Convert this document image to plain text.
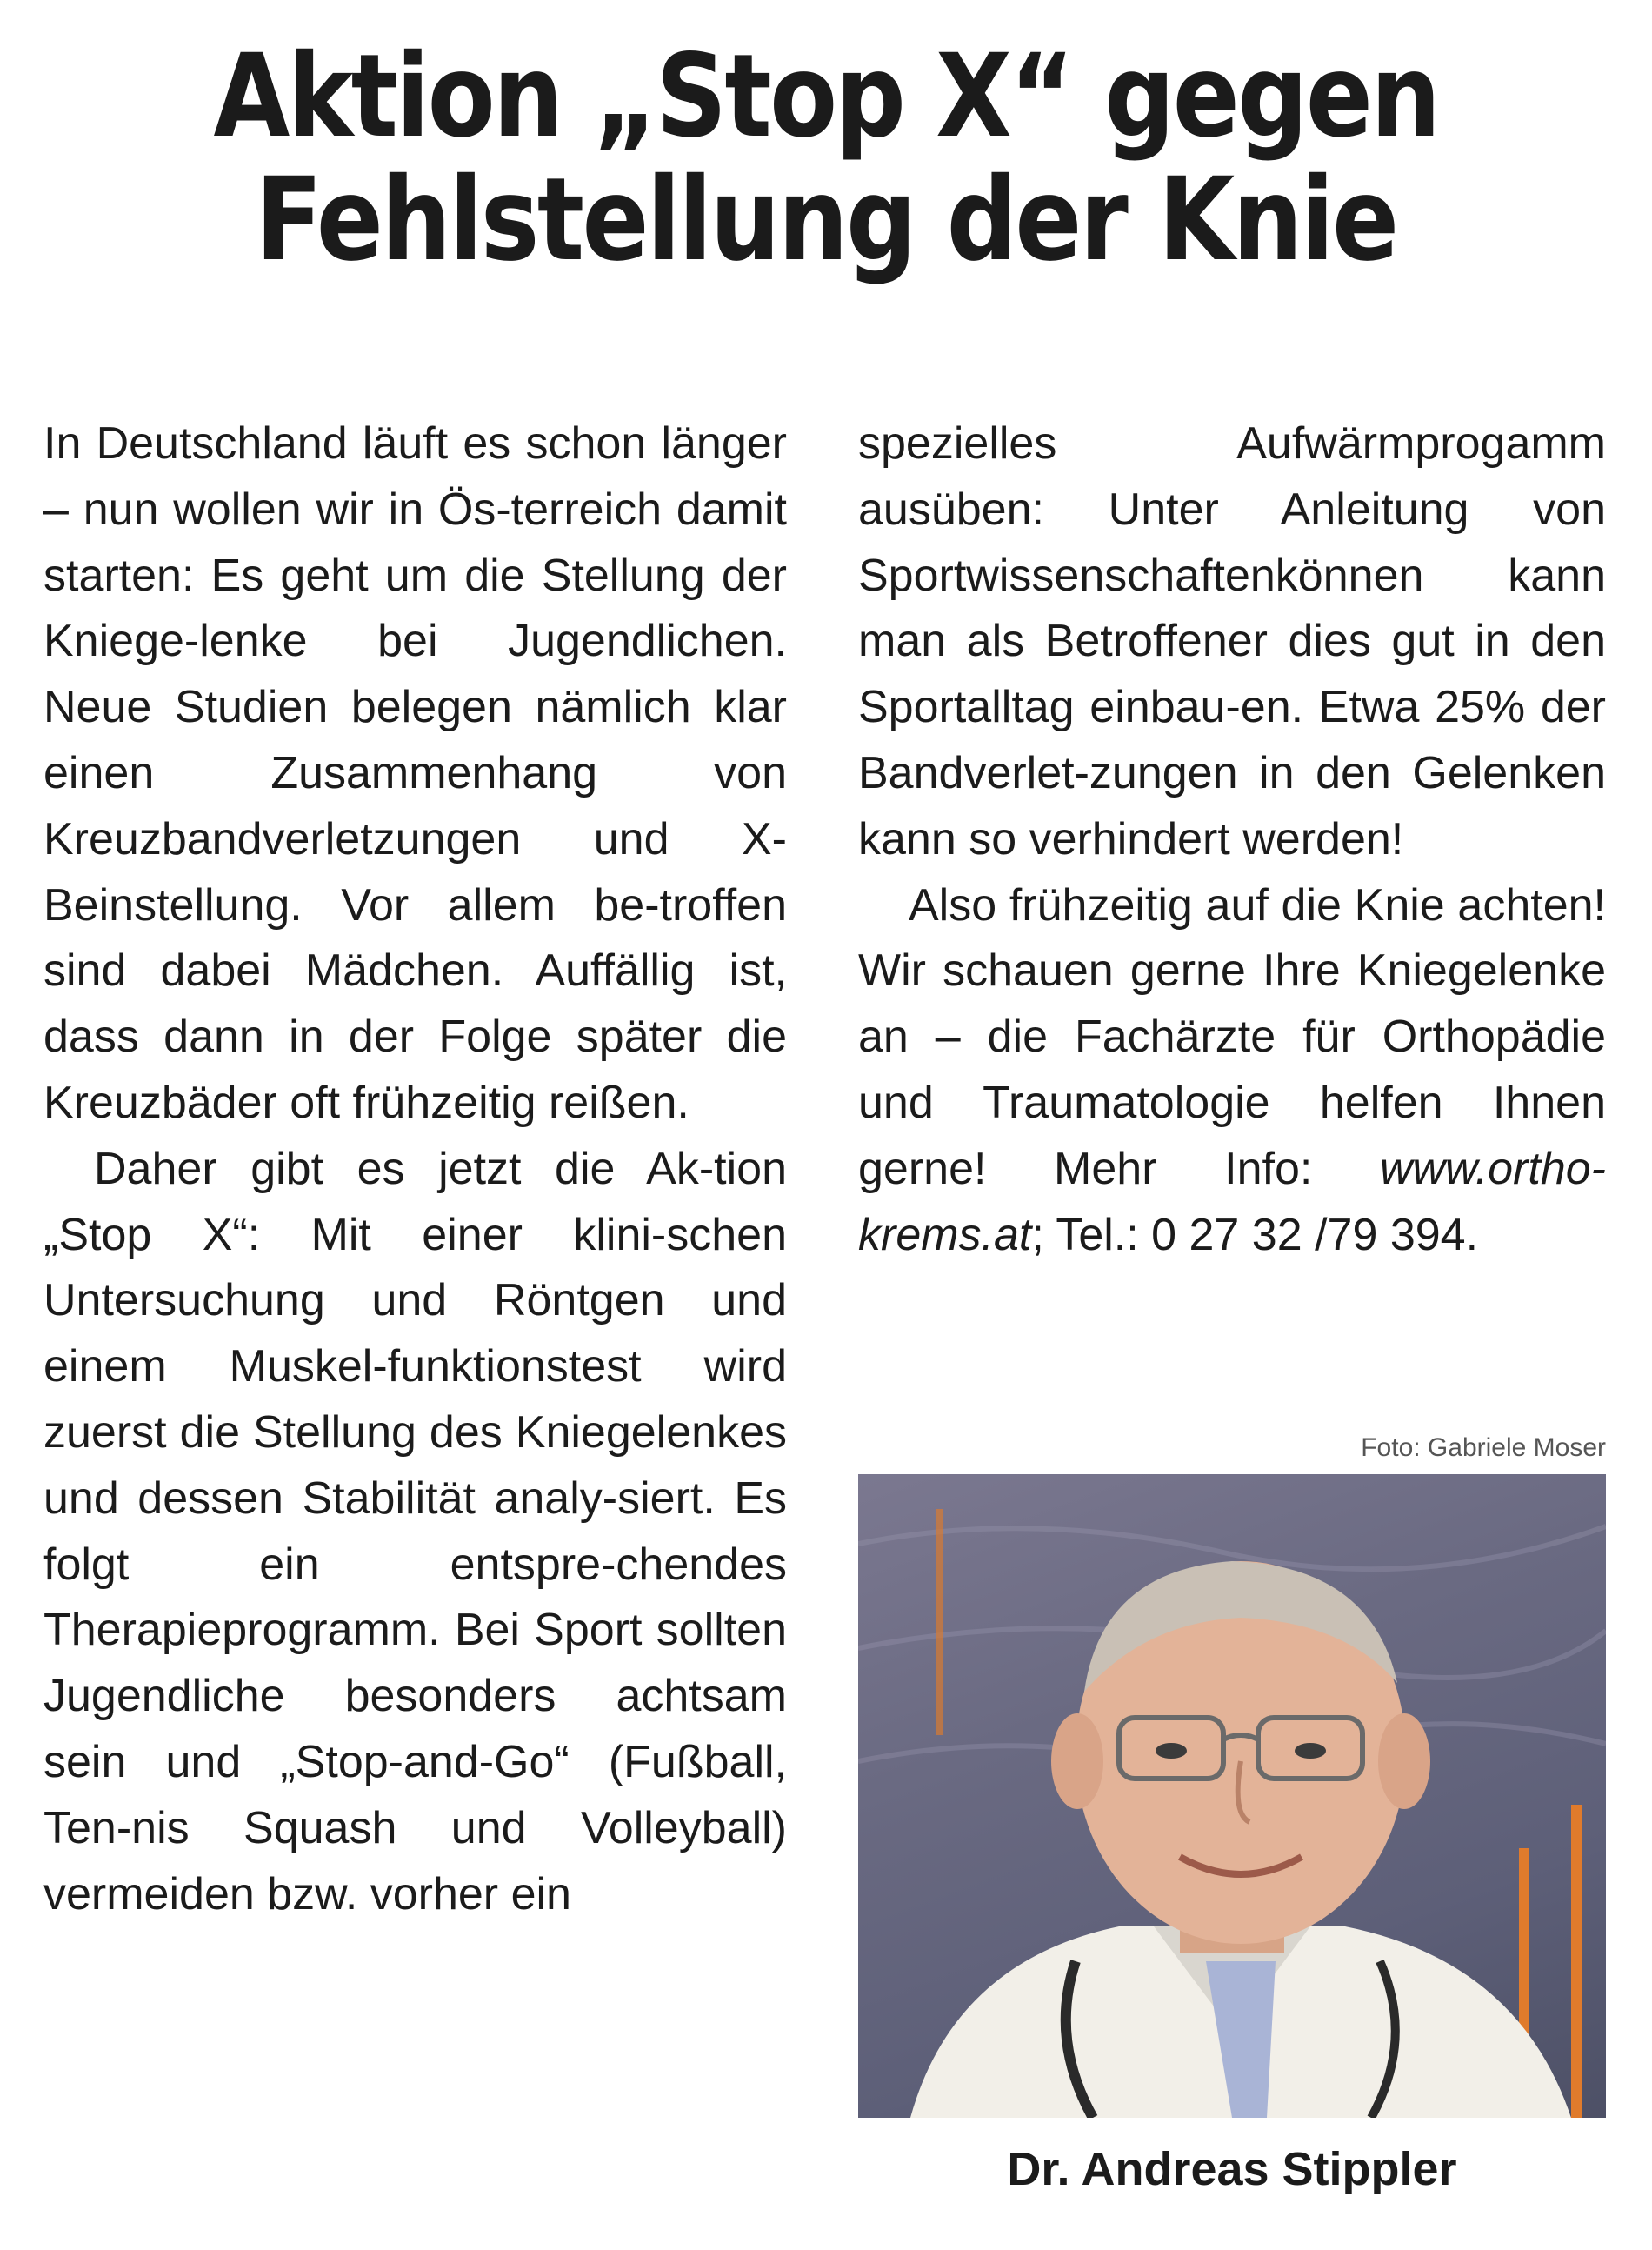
Aktion „Stop X“ gegen
Fehlstellung der Knie

In Deutschland läuft es schon länger – nun wollen wir in Ös-terreich damit starten: Es geht um die Stellung der Kniege-lenke bei Jugendlichen. Neue Studien belegen nämlich klar einen Zusammenhang von Kreuzbandverletzungen und X-Beinstellung. Vor allem be-troffen sind dabei Mädchen. Auffällig ist, dass dann in der Folge später die Kreuzbäder oft frühzeitig reißen.

Daher gibt es jetzt die Ak-tion „Stop X“: Mit einer klini-schen Untersuchung und Röntgen und einem Muskel-funktionstest wird zuerst die Stellung des Kniegelenkes und dessen Stabilität analy-siert. Es folgt ein entspre-chendes Therapieprogramm. Bei Sport sollten Jugendliche besonders achtsam sein und „Stop-and-Go“ (Fußball, Ten-nis Squash und Volleyball) vermeiden bzw. vorher ein

spezielles Aufwärmprogamm ausüben: Unter Anleitung von Sportwissenschaftenkönnen kann man als Betroffener dies gut in den Sportalltag einbau-en. Etwa 25% der Bandverlet-zungen in den Gelenken kann so verhindert werden!

Also frühzeitig auf die Knie achten! Wir schauen gerne Ihre Kniegelenke an – die Fachärzte für Orthopädie und Traumatologie helfen Ihnen gerne! Mehr Info: www.ortho-krems.at; Tel.: 0 27 32 /79 394.

Foto: Gabriele Moser

Dr. Andreas Stippler
